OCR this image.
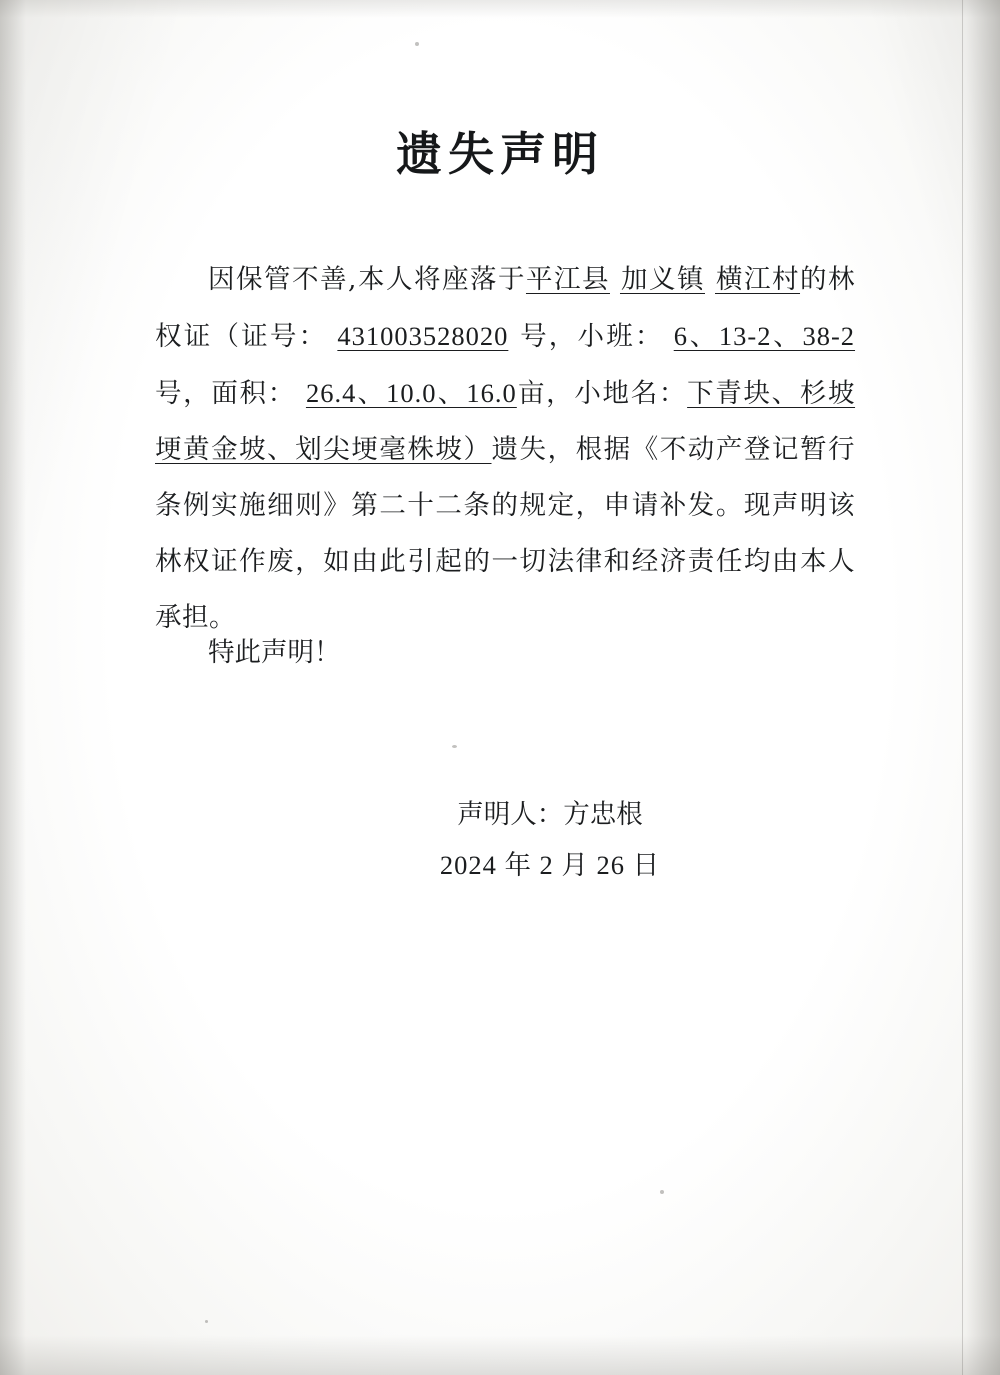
遗失声明

因保管不善,本人将座落于平江县 加义镇 横江村的林权证（证号： 431003528020 号，小班： 6、13-2、38-2号，面积： 26.4、10.0、16.0亩，小地名：下青块、杉坡埂黄金坡、划尖埂毫株坡）遗失，根据《不动产登记暂行条例实施细则》第二十二条的规定，申请补发。现声明该林权证作废，如由此引起的一切法律和经济责任均由本人承担。

特此声明！
声明人：方忠根
2024 年 2 月 26 日
